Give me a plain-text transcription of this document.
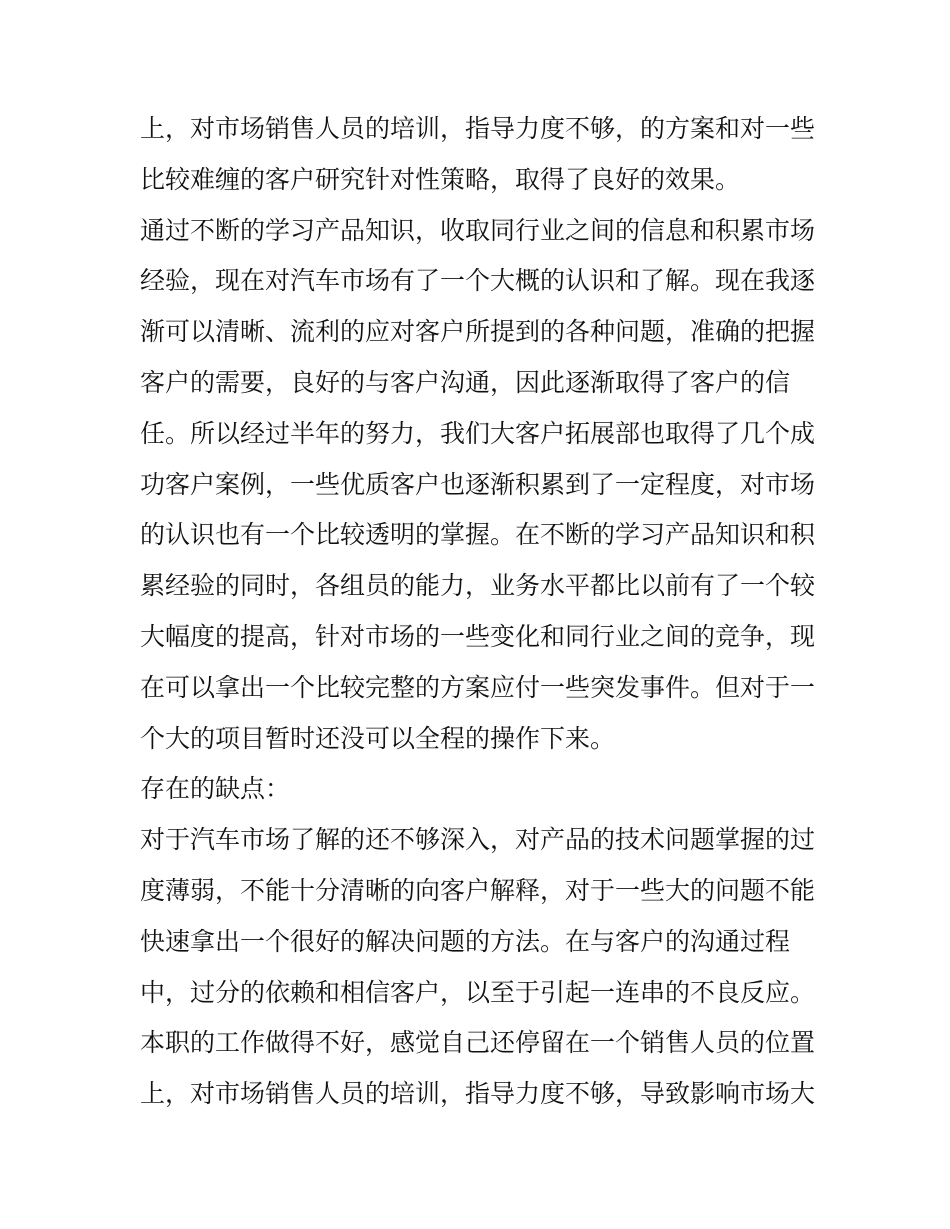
上，对市场销售人员的培训，指导力度不够，的方案和对一些
比较难缠的客户研究针对性策略，取得了良好的效果。
通过不断的学习产品知识，收取同行业之间的信息和积累市场
经验，现在对汽车市场有了一个大概的认识和了解。现在我逐
渐可以清晰、流利的应对客户所提到的各种问题，准确的把握
客户的需要，良好的与客户沟通，因此逐渐取得了客户的信
任。所以经过半年的努力，我们大客户拓展部也取得了几个成
功客户案例，一些优质客户也逐渐积累到了一定程度，对市场
的认识也有一个比较透明的掌握。在不断的学习产品知识和积
累经验的同时，各组员的能力，业务水平都比以前有了一个较
大幅度的提高，针对市场的一些变化和同行业之间的竞争，现
在可以拿出一个比较完整的方案应付一些突发事件。但对于一
个大的项目暂时还没可以全程的操作下来。
存在的缺点：
对于汽车市场了解的还不够深入，对产品的技术问题掌握的过
度薄弱，不能十分清晰的向客户解释，对于一些大的问题不能
快速拿出一个很好的解决问题的方法。在与客户的沟通过程
中，过分的依赖和相信客户，以至于引起一连串的不良反应。
本职的工作做得不好，感觉自己还停留在一个销售人员的位置
上，对市场销售人员的培训，指导力度不够，导致影响市场大
